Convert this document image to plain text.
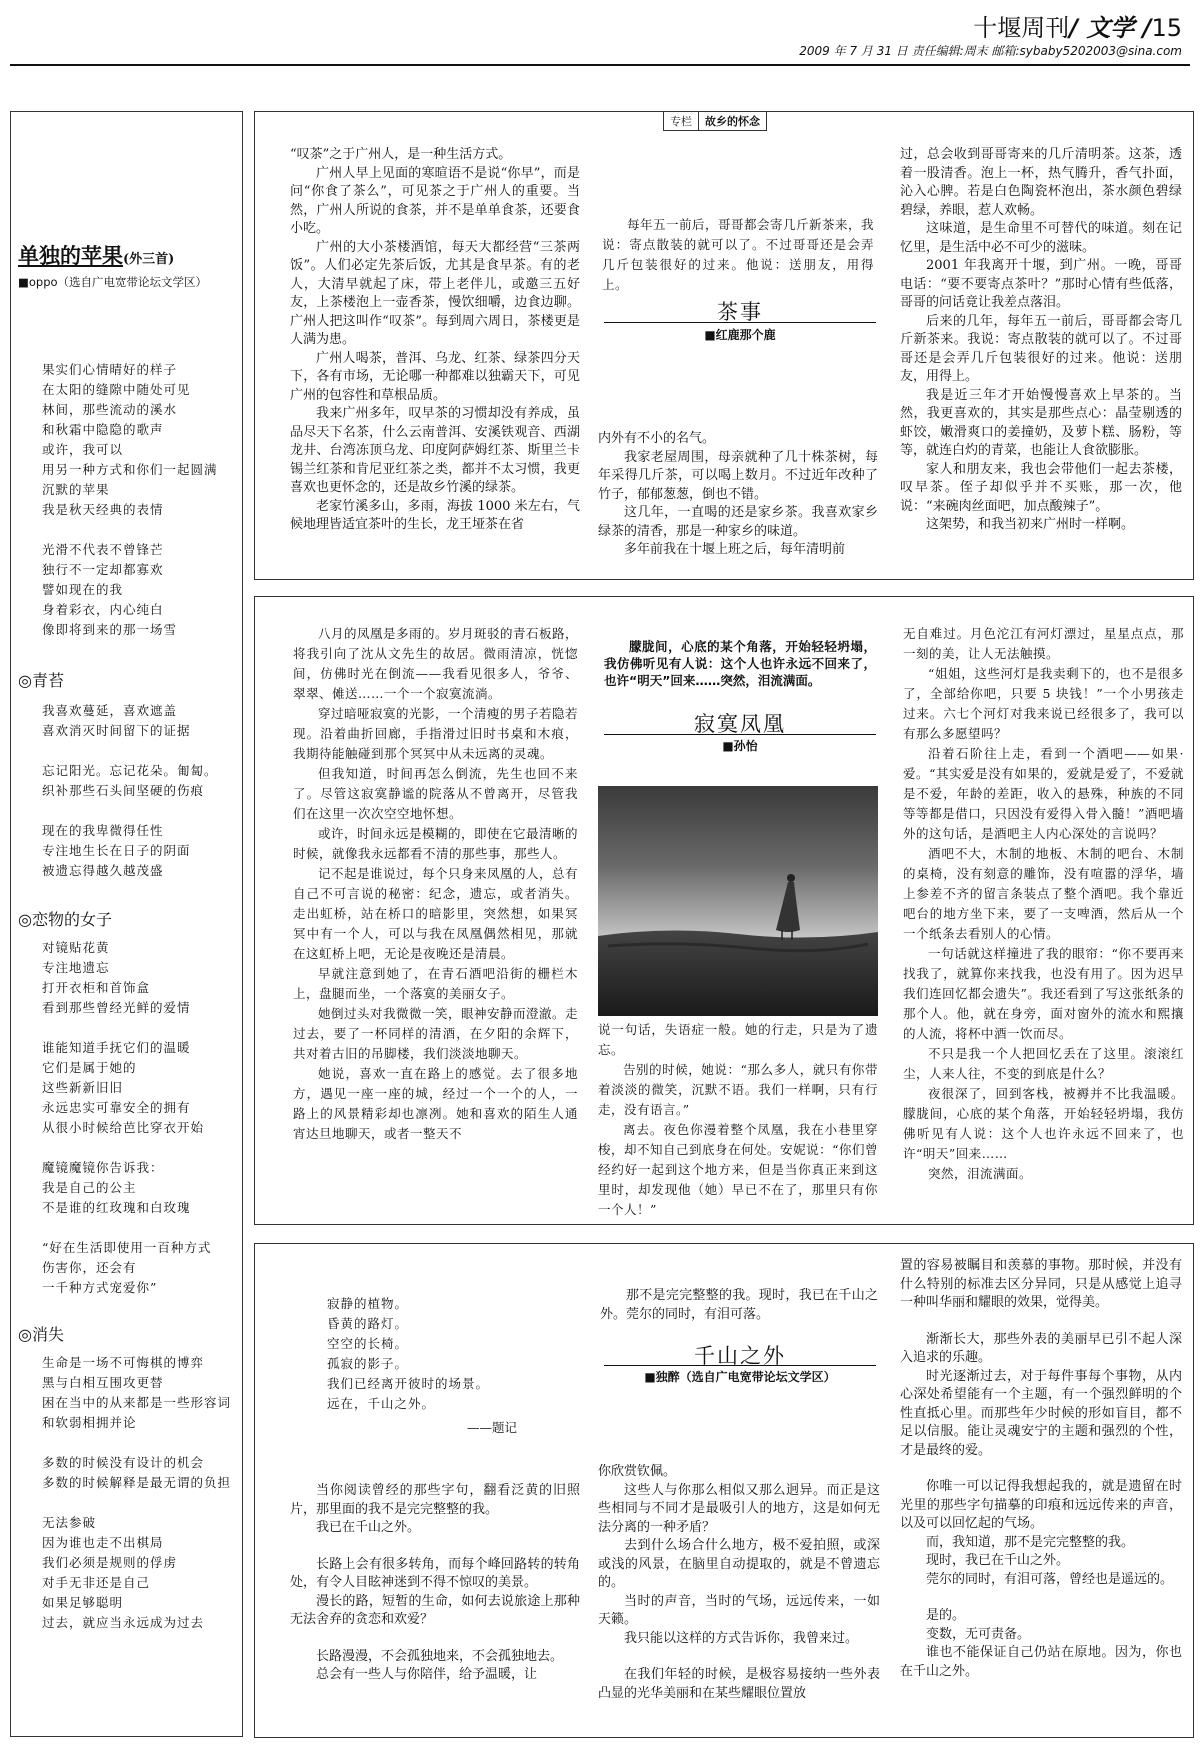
十堰周刊/ 文学 /15
2009 年 7 月 31 日 责任编辑:周末 邮箱:sybaby5202003@sina.com
单独的苹果(外三首)
■oppo（选自广电宽带论坛文学区）

果实们心情晴好的样子

在太阳的缝隙中随处可见

林间，那些流动的溪水

和秋霜中隐隐的歌声

或许，我可以

用另一种方式和你们一起圆满

沉默的苹果

我是秋天经典的表情

光滑不代表不曾锋芒

独行不一定却都寡欢

譬如现在的我

身着彩衣，内心纯白

像即将到来的那一场雪

◎青苔

我喜欢蔓延，喜欢遮盖

喜欢消灭时间留下的证据

忘记阳光。忘记花朵。匍匐。

织补那些石头间坚硬的伤痕

现在的我卑微得任性

专注地生长在日子的阴面

被遗忘得越久越茂盛

◎恋物的女子

对镜贴花黄

专注地遗忘

打开衣柜和首饰盒

看到那些曾经光鲜的爱情

谁能知道手抚它们的温暖

它们是属于她的

这些新新旧旧

永远忠实可靠安全的拥有

从很小时候给芭比穿衣开始

魔镜魔镜你告诉我：

我是自己的公主

不是谁的红玫瑰和白玫瑰

“好在生活即使用一百种方式

伤害你，还会有

一千种方式宠爱你”

◎消失

生命是一场不可悔棋的博弈

黑与白相互围攻更替

困在当中的从来都是一些形容词

和软弱相拥并论

多数的时候没有设计的机会

多数的时候解释是最无谓的负担

无法参破

因为谁也走不出棋局

我们必须是规则的俘虏

对手无非还是自己

如果足够聪明

过去，就应当永远成为过去

专栏	故乡的怀念

“叹茶”之于广州人，是一种生活方式。

广州人早上见面的寒暄语不是说“你早”，而是问“你食了茶么”，可见茶之于广州人的重要。当然，广州人所说的食茶，并不是单单食茶，还要食小吃。

广州的大小茶楼酒馆，每天大都经营“三茶两饭”。人们必定先茶后饭，尤其是食早茶。有的老人，大清早就起了床，带上老伴儿，或邀三五好友，上茶楼泡上一壶香茶，慢饮细嚼，边食边聊。广州人把这叫作“叹茶”。每到周六周日，茶楼更是人满为患。

广州人喝茶，普洱、乌龙、红茶、绿茶四分天下，各有市场，无论哪一种都难以独霸天下，可见广州的包容性和草根品质。

我来广州多年，叹早茶的习惯却没有养成，虽品尽天下名茶，什么云南普洱、安溪铁观音、西湖龙井、台湾冻顶乌龙、印度阿萨姆红茶、斯里兰卡锡兰红茶和肯尼亚红茶之类，都并不太习惯，我更喜欢也更怀念的，还是故乡竹溪的绿茶。

老家竹溪多山，多雨，海拔 1000 米左右，气候地理皆适宜茶叶的生长，龙王垭茶在省

每年五一前后，哥哥都会寄几斤新茶来，我说：寄点散装的就可以了。不过哥哥还是会弄几斤包装很好的过来。他说：送朋友，用得上。

茶事
■红鹿那个鹿

内外有不小的名气。

我家老屋周围，母亲就种了几十株茶树，每年采得几斤茶，可以喝上数月。不过近年改种了竹子，郁郁葱葱，倒也不错。

这几年，一直喝的还是家乡茶。我喜欢家乡绿茶的清香，那是一种家乡的味道。

多年前我在十堰上班之后，每年清明前

过，总会收到哥哥寄来的几斤清明茶。这茶，透着一股清香。泡上一杯，热气腾升，香气扑面，沁入心脾。若是白色陶瓷杯泡出，茶水颜色碧绿碧绿，养眼，惹人欢畅。

这味道，是生命里不可替代的味道。刻在记忆里，是生活中必不可少的滋味。

2001 年我离开十堰，到广州。一晚，哥哥电话：“要不要寄点茶叶？”那时心情有些低落，哥哥的问话竟让我差点落泪。

后来的几年，每年五一前后，哥哥都会寄几斤新茶来。我说：寄点散装的就可以了。不过哥哥还是会弄几斤包装很好的过来。他说：送朋友，用得上。

我是近三年才开始慢慢喜欢上早茶的。当然，我更喜欢的，其实是那些点心：晶莹剔透的虾饺，嫩滑爽口的姜撞奶，及萝卜糕、肠粉，等等，就连白灼的青菜，也能让人食欲膨胀。

家人和朋友来，我也会带他们一起去茶楼，叹早茶。侄子却似乎并不买账，那一次，他说：“来碗肉丝面吧，加点酸辣子”。

这架势，和我当初来广州时一样啊。

八月的凤凰是多雨的。岁月斑驳的青石板路，将我引向了沈从文先生的故居。微雨清凉，恍惚间，仿佛时光在倒流——我看见很多人，爷爷、翠翠、傩送……一个一个寂寞流淌。

穿过暗哑寂寞的光影，一个清瘦的男子若隐若现。沿着曲折回廊，手指滑过旧时书桌和木痕，我期待能触碰到那个冥冥中从未远离的灵魂。

但我知道，时间再怎么倒流，先生也回不来了。尽管这寂寞静谧的院落从不曾离开，尽管我们在这里一次次空空地怀想。

或许，时间永远是模糊的，即使在它最清晰的时候，就像我永远都看不清的那些事，那些人。

记不起是谁说过，每个只身来凤凰的人，总有自己不可言说的秘密：纪念，遗忘，或者消失。走出虹桥，站在桥口的暗影里，突然想，如果冥冥中有一个人，可以与我在凤凰偶然相见，那就在这虹桥上吧，无论是夜晚还是清晨。

早就注意到她了，在青石酒吧沿街的栅栏木上，盘腿而坐，一个落寞的美丽女子。

她倒过头对我微微一笑，眼神安静而澄澈。走过去，要了一杯同样的清酒，在夕阳的余辉下，共对着古旧的吊脚楼，我们淡淡地聊天。

她说，喜欢一直在路上的感觉。去了很多地方，遇见一座一座的城，经过一个一个的人，一路上的风景精彩却也凛冽。她和喜欢的陌生人通宵达旦地聊天，或者一整天不

朦胧间，心底的某个角落，开始轻轻坍塌，我仿佛听见有人说：这个人也许永远不回来了，也许“明天”回来……突然，泪流满面。

寂寞凤凰
■孙怡

说一句话，失语症一般。她的行走，只是为了遗忘。

告别的时候，她说：“那么多人，就只有你带着淡淡的微笑，沉默不语。我们一样啊，只有行走，没有语言。”

离去。夜色你漫着整个凤凰，我在小巷里穿梭，却不知自己到底身在何处。安妮说：“你们曾经约好一起到这个地方来，但是当你真正来到这里时，却发现他（她）早已不在了，那里只有你一个人！”

无自难过。月色沱江有河灯漂过，星星点点，那一刻的美，让人无法触摸。

“姐姐，这些河灯是我卖剩下的，也不是很多了，全部给你吧，只要 5 块钱！”一个小男孩走过来。六七个河灯对我来说已经很多了，我可以有那么多愿望吗？

沿着石阶往上走，看到一个酒吧——如果·爱。“其实爱是没有如果的，爱就是爱了，不爱就是不爱，年龄的差距，收入的悬殊，种族的不同等等都是借口，只因没有爱得入骨入髓！”酒吧墙外的这句话，是酒吧主人内心深处的言说吗？

酒吧不大，木制的地板、木制的吧台、木制的桌椅，没有刻意的雕饰，没有喧嚣的浮华，墙上参差不齐的留言条装点了整个酒吧。我个靠近吧台的地方坐下来，要了一支啤酒，然后从一个一个纸条去看别人的心情。

一句话就这样撞进了我的眼帘：“你不要再来找我了，就算你来找我，也没有用了。因为迟早我们连回忆都会遗失”。我还看到了写这张纸条的那个人。他，就在身旁，面对窗外的流水和熙攘的人流，将杯中酒一饮而尽。

不只是我一个人把回忆丢在了这里。滚滚红尘，人来人往，不变的到底是什么？

夜很深了，回到客栈，被褥并不比我温暖。朦胧间，心底的某个角落，开始轻轻坍塌，我仿佛听见有人说：这个人也许永远不回来了，也许“明天”回来……

突然，泪流满面。

寂静的植物。

昏黄的路灯。

空空的长椅。

孤寂的影子。

我们已经离开彼时的场景。

远在，千山之外。

——题记

当你阅读曾经的那些字句，翻看泛黄的旧照片，那里面的我不是完完整整的我。

我已在千山之外。

长路上会有很多转角，而每个峰回路转的转角处，有令人目眩神迷到不得不惊叹的美景。

漫长的路，短暂的生命，如何去说旅途上那种无法舍弃的贪恋和欢爱？

长路漫漫，不会孤独地来，不会孤独地去。

总会有一些人与你陪伴，给予温暖，让

那不是完完整整的我。现时，我已在千山之外。莞尔的同时，有泪可落。

千山之外
■独醉（选自广电宽带论坛文学区）

你欣赏钦佩。

这些人与你那么相似又那么迥异。而正是这些相同与不同才是最吸引人的地方，这是如何无法分离的一种矛盾？

去到什么场合什么地方，极不爱拍照，或深或浅的风景，在脑里自动提取的，就是不曾遗忘的。

当时的声音，当时的气场，远远传来，一如天籁。

我只能以这样的方式告诉你，我曾来过。

在我们年轻的时候，是极容易接纳一些外表凸显的光华美丽和在某些耀眼位置放

置的容易被瞩目和羡慕的事物。那时候，并没有什么特别的标准去区分异同，只是从感觉上追寻一种叫华丽和耀眼的效果，觉得美。

渐渐长大，那些外表的美丽早已引不起人深入追求的乐趣。

时光逐渐过去，对于每件事每个事物，从内心深处希望能有一个主题，有一个强烈鲜明的个性直抵心里。而那些年少时候的形如盲目，都不足以信服。能让灵魂安宁的主题和强烈的个性，才是最终的爱。

你唯一可以记得我想起我的，就是遗留在时光里的那些字句描摹的印痕和远远传来的声音，以及可以回忆起的气场。

而，我知道，那不是完完整整的我。

现时，我已在千山之外。

莞尔的同时，有泪可落，曾经也是遥远的。

是的。

变数，无可责备。

谁也不能保证自己仍站在原地。因为，你也在千山之外。
